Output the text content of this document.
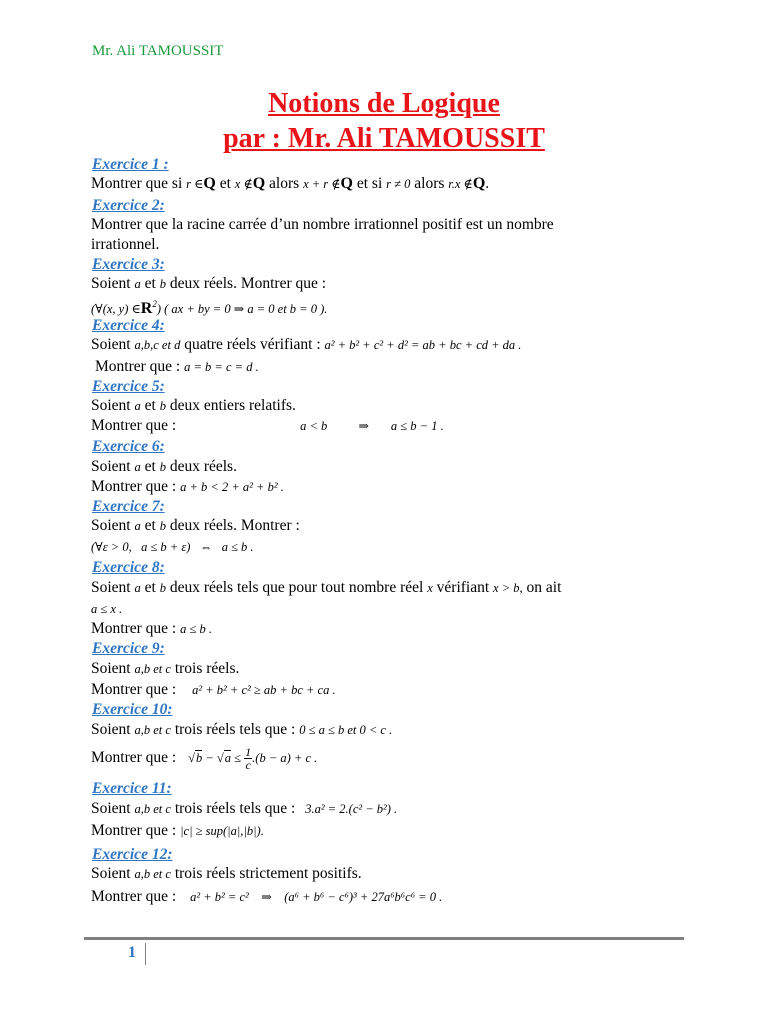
Mr. Ali TAMOUSSIT
Notions de Logique
par : Mr. Ali TAMOUSSIT
Exercice 1 :
Montrer que si r ∈Q et x ∉Q alors x + r ∉Q et si r ≠ 0 alors r.x ∉Q.
Exercice 2:
Montrer que la racine carrée d’un nombre irrationnel positif est un nombre
irrationnel.
Exercice 3:
Soient a et b deux réels. Montrer que :
(∀(x, y) $\in R^2$) ( ax + by = 0 ⇒ a = 0 et b = 0 ).
Exercice 4:
Soient a,b,c et d quatre réels vérifiant : a² + b² + c² + d² = ab + bc + cd + da .
Montrer que : a = b = c = d .
Exercice 5:
Soient a et b deux entiers relatifs.
Montrer que :	a < b          ⇒       a ≤ b − 1 .
Exercice 6:
Soient a et b deux réels.
Montrer que : a + b < 2 + a² + b² .
Exercice 7:
Soient a et b deux réels. Montrer :
(∀ε > 0,   a ≤ b + ε)   ⇔   a ≤ b .
Exercice 8:
Soient a et b deux réels tels que pour tout nombre réel x vérifiant x > b, on ait
a ≤ x .
Montrer que : a ≤ b .
Exercice 9:
Soient a,b et c trois réels.
Montrer que : a² + b² + c² ≥ ab + bc + ca .
Exercice 10:
Soient a,b et c trois réels tels que : 0 ≤ a ≤ b et 0 < c .
Montrer que : $√b - √a \le \frac{1}{c} .(b - a) + c$ .
Exercice 11:
Soient a,b et c trois réels tels que : 3.a² = 2.(c² − b²) .
Montrer que : |c| ≥ sup(|a|,|b|).
Exercice 12:
Soient a,b et c trois réels strictement positifs.
Montrer que : a² + b² = c²    ⇒    (a⁶ + b⁶ − c⁶)³ + 27a⁶b⁶c⁶ = 0 .
1
